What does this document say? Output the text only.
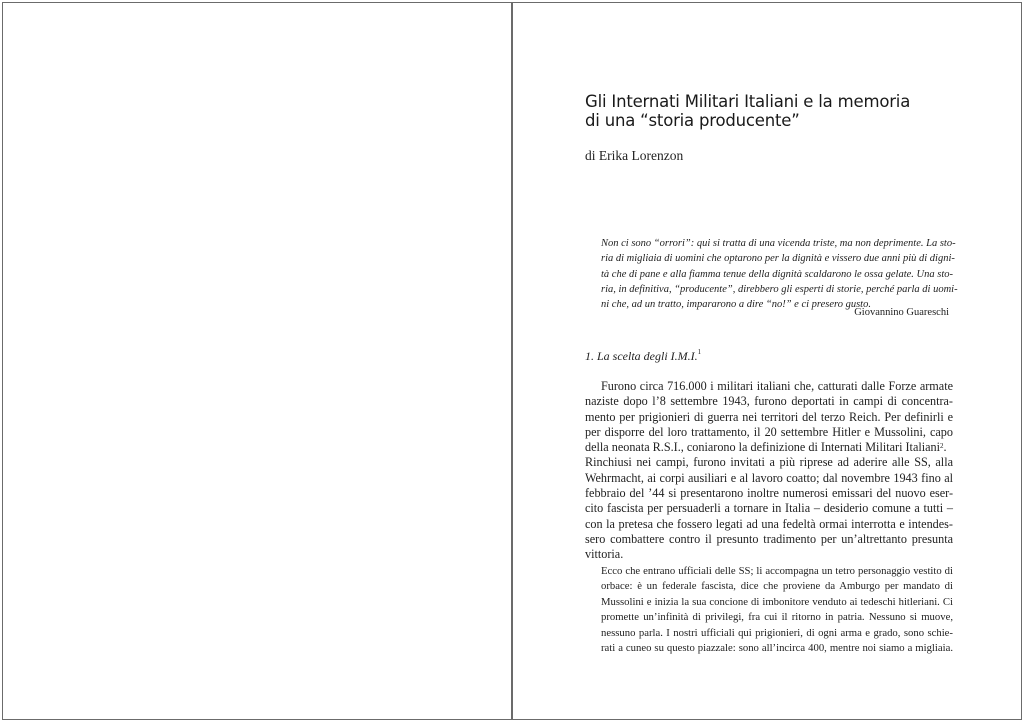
Gli Internati Militari Italiani e la memoria
di una “storia producente”
di Erika Lorenzon
Non ci sono “orrori”: qui si tratta di una vicenda triste, ma non deprimente. La sto-
ria di migliaia di uomini che optarono per la dignità e vissero due anni più di digni-
tà che di pane e alla fiamma tenue della dignità scaldarono le ossa gelate. Una sto-
ria, in definitiva, “producente”, direbbero gli esperti di storie, perché parla di uomi-
ni che, ad un tratto, impararono a dire “no!” e ci presero gusto.
Giovannino Guareschi
1. La scelta degli I.M.I.$^1$
Furono circa 716.000 i militari italiani che, catturati dalle Forze armate
naziste dopo l’8 settembre 1943, furono deportati in campi di concentra-
mento per prigionieri di guerra nei territori del terzo Reich. Per definirli e
per disporre del loro trattamento, il 20 settembre Hitler e Mussolini, capo
della neonata R.S.I., coniarono la definizione di Internati Militari Italiani$^2$.
Rinchiusi nei campi, furono invitati a più riprese ad aderire alle SS, alla
Wehrmacht, ai corpi ausiliari e al lavoro coatto; dal novembre 1943 fino al
febbraio del ’44 si presentarono inoltre numerosi emissari del nuovo eser-
cito fascista per persuaderli a tornare in Italia – desiderio comune a tutti –
con la pretesa che fossero legati ad una fedeltà ormai interrotta e intendes-
sero combattere contro il presunto tradimento per un’altrettanto presunta
vittoria.
Ecco che entrano ufficiali delle SS; li accompagna un tetro personaggio vestito di
orbace: è un federale fascista, dice che proviene da Amburgo per mandato di
Mussolini e inizia la sua concione di imbonitore venduto ai tedeschi hitleriani. Ci
promette un’infinità di privilegi, fra cui il ritorno in patria. Nessuno si muove,
nessuno parla. I nostri ufficiali qui prigionieri, di ogni arma e grado, sono schie-
rati a cuneo su questo piazzale: sono all’incirca 400, mentre noi siamo a migliaia.
